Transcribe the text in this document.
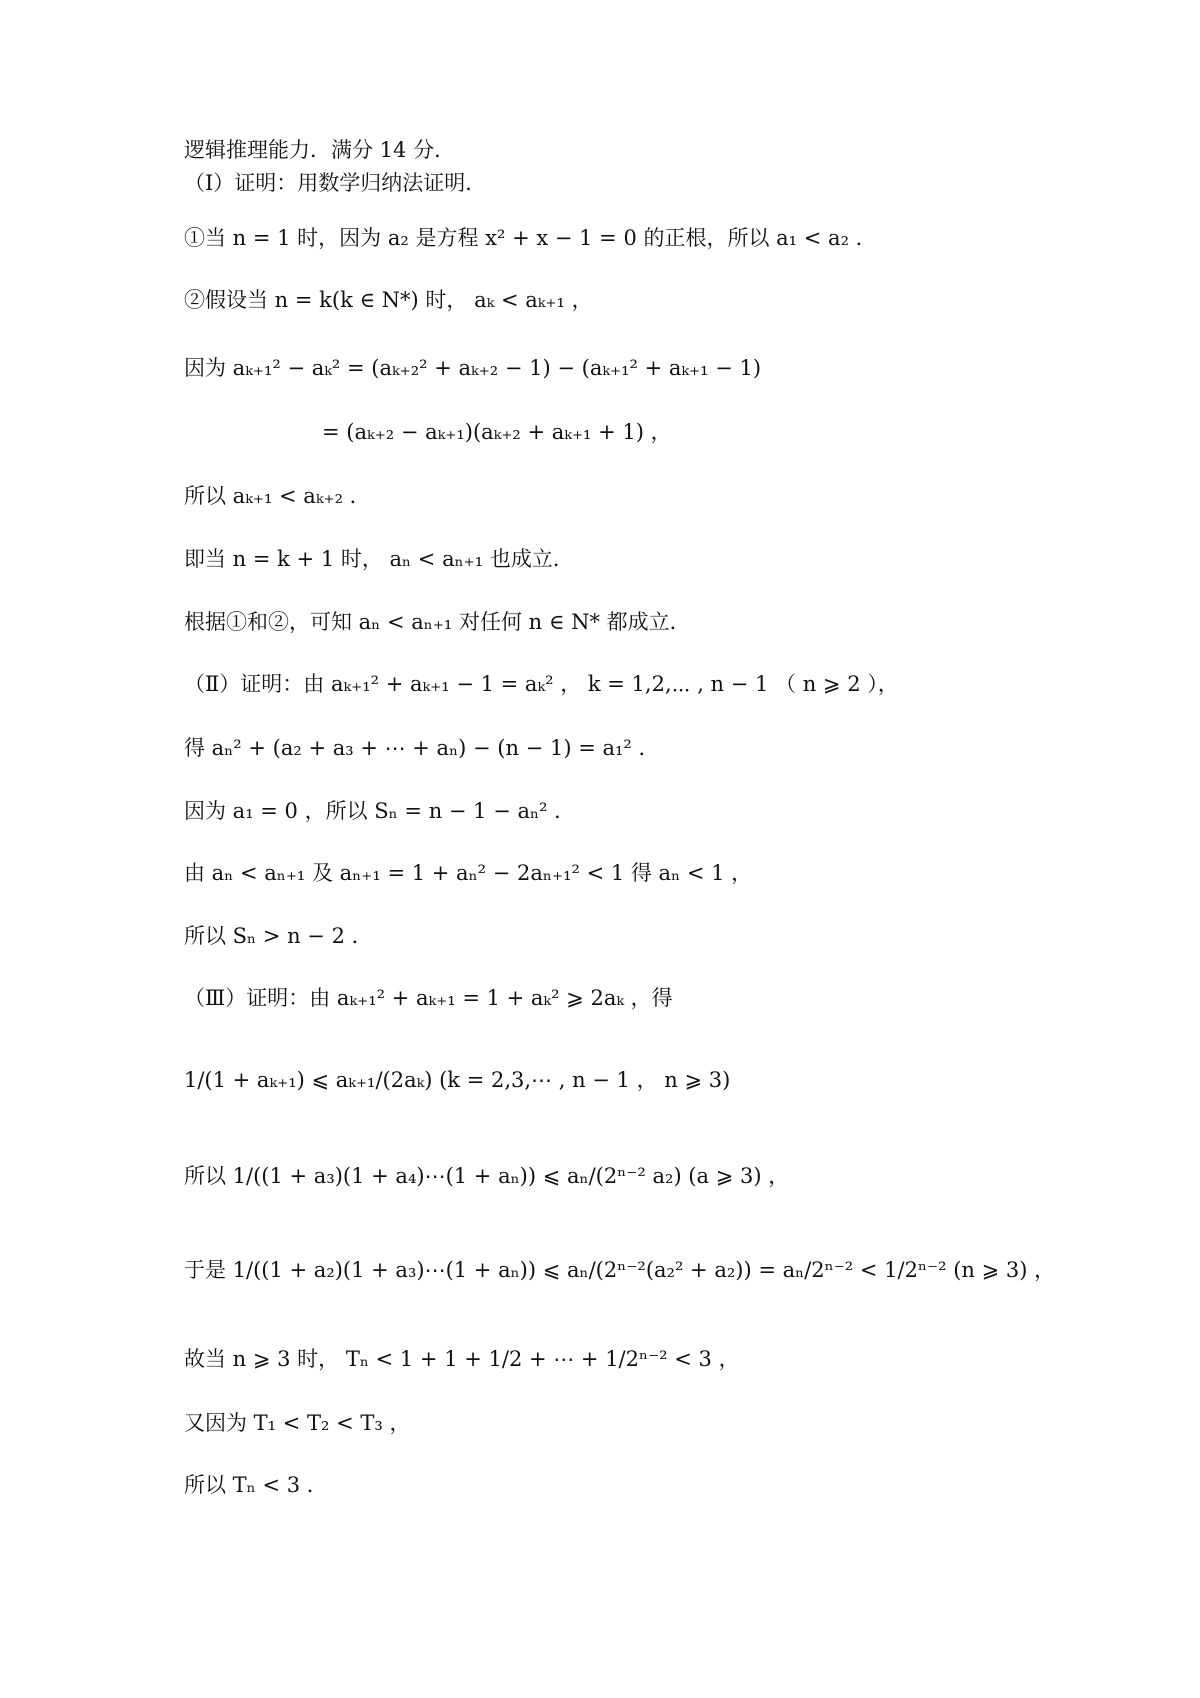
逻辑推理能力．满分 14 分．
（Ⅰ）证明：用数学归纳法证明．
①当 n = 1 时，因为 a₂ 是方程 x² + x − 1 = 0 的正根，所以 a₁ < a₂ ．
②假设当 n = k(k ∈ N*) 时， aₖ < aₖ₊₁ ，
因为 aₖ₊₁² − aₖ² = (aₖ₊₂² + aₖ₊₂ − 1) − (aₖ₊₁² + aₖ₊₁ − 1)
= (aₖ₊₂ − aₖ₊₁)(aₖ₊₂ + aₖ₊₁ + 1) ，
所以 aₖ₊₁ < aₖ₊₂ ．
即当 n = k + 1 时， aₙ < aₙ₊₁ 也成立．
根据①和②，可知 aₙ < aₙ₊₁ 对任何 n ∈ N* 都成立．
（Ⅱ）证明：由 aₖ₊₁² + aₖ₊₁ − 1 = aₖ² ， k = 1,2,⋯ , n − 1 （ n ⩾ 2 ），
得 aₙ² + (a₂ + a₃ + ⋯ + aₙ) − (n − 1) = a₁² ．
因为 a₁ = 0 ，所以 Sₙ = n − 1 − aₙ² ．
由 aₙ < aₙ₊₁ 及 aₙ₊₁ = 1 + aₙ² − 2aₙ₊₁² < 1 得 aₙ < 1 ，
所以 Sₙ > n − 2 ．
（Ⅲ）证明：由 aₖ₊₁² + aₖ₊₁ = 1 + aₖ² ⩾ 2aₖ ，得
1/(1 + aₖ₊₁) ⩽ aₖ₊₁/(2aₖ) (k = 2,3,⋯ , n − 1 ， n ⩾ 3)
所以 1/((1 + a₃)(1 + a₄)⋯(1 + aₙ)) ⩽ aₙ/(2ⁿ⁻² a₂) (a ⩾ 3) ，
于是 1/((1 + a₂)(1 + a₃)⋯(1 + aₙ)) ⩽ aₙ/(2ⁿ⁻²(a₂² + a₂)) = aₙ/2ⁿ⁻² < 1/2ⁿ⁻² (n ⩾ 3) ，
故当 n ⩾ 3 时， Tₙ < 1 + 1 + 1/2 + ⋯ + 1/2ⁿ⁻² < 3 ，
又因为 T₁ < T₂ < T₃ ，
所以 Tₙ < 3 ．
